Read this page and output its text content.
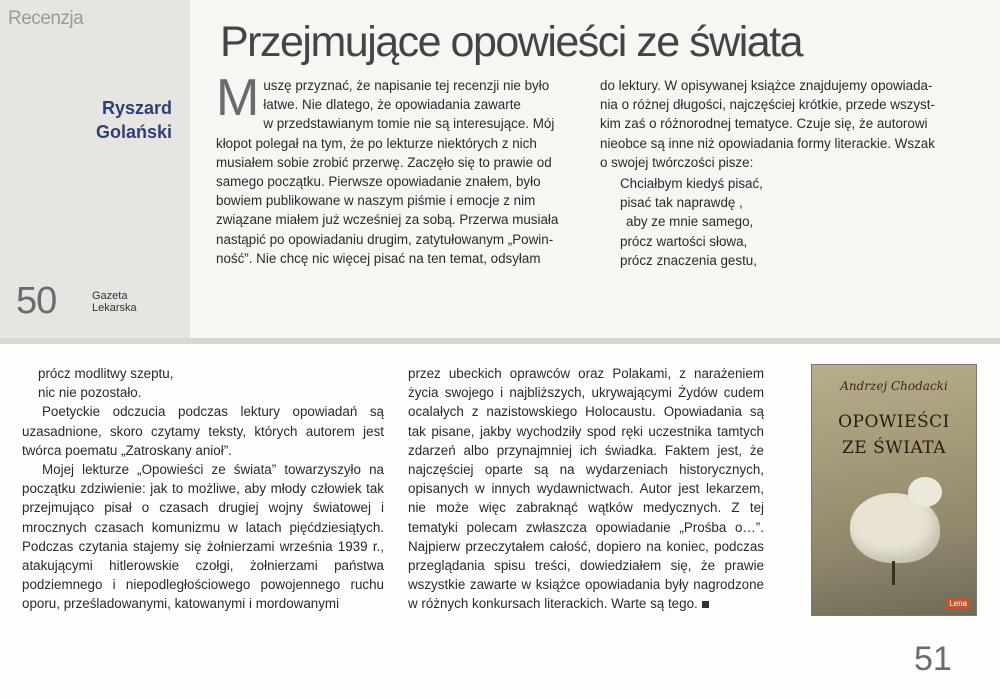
Recenzja
Ryszard
Golański
50	Gazeta
Lekarska
Przejmujące opowieści ze świata
M uszę przyznać, że napisanie tej recenzji nie było
łatwe. Nie dlatego, że opowiadania zawarte
w przedstawianym tomie nie są interesujące. Mój
kłopot polegał na tym, że po lekturze niektórych z nich
musiałem sobie zrobić przerwę. Zaczęło się to prawie od
samego początku. Pierwsze opowiadanie znałem, było
bowiem publikowane w naszym piśmie i emocje z nim
związane miałem już wcześniej za sobą. Przerwa musiała
nastąpić po opowiadaniu drugim, zatytułowanym „Powin-
ność”. Nie chcę nic więcej pisać na ten temat, odsyłam
do lektury. W opisywanej książce znajdujemy opowiada-
nia o różnej długości, najczęściej krótkie, przede wszyst-
kim zaś o różnorodnej tematyce. Czuje się, że autorowi
nieobce są inne niż opowiadania formy literackie. Wszak
o swojej twórczości pisze:
Chciałbym kiedyś pisać,
pisać tak naprawdę ,
aby ze mnie samego,
prócz wartości słowa,
prócz znaczenia gestu,
prócz modlitwy szeptu,
nic nie pozostało.

Poetyckie odczucia podczas lektury opowiadań są uzasadnione, skoro czytamy teksty, których autorem jest twórca poematu „Zatroskany anioł”.

Mojej lekturze „Opowieści ze świata” towarzyszyło na początku zdziwienie: jak to możliwe, aby młody człowiek tak przejmująco pisał o czasach drugiej wojny światowej i mrocznych czasach komunizmu w latach pięćdziesiątych. Podczas czytania stajemy się żołnierzami września 1939 r., atakującymi hitlerowskie czołgi, żołnierzami państwa podziemnego i niepodległościowego powojennego ruchu oporu, prześladowanymi, katowanymi i mordowanymi

przez ubeckich oprawców oraz Polakami, z narażeniem życia swojego i najbliższych, ukrywającymi Żydów cudem ocalałych z nazistowskiego Holocaustu. Opowiadania są tak pisane, jakby wychodziły spod ręki uczestnika tamtych zdarzeń albo przynajmniej ich świadka. Faktem jest, że najczęściej oparte są na wydarzeniach historycznych, opisanych w innych wydawnictwach. Autor jest lekarzem, nie może więc zabraknąć wątków medycznych. Z tej tematyki polecam zwłaszcza opowiadanie „Prośba o…”. Najpierw przeczytałem całość, dopiero na koniec, podczas przeglądania spisu treści, dowiedziałem się, że prawie wszystkie zawarte w książce opowiadania były nagrodzone w różnych konkursach literackich. Warte są tego.

Andrzej Chodacki
OPOWIEŚCI
ZE ŚWIATA
Lena
51
